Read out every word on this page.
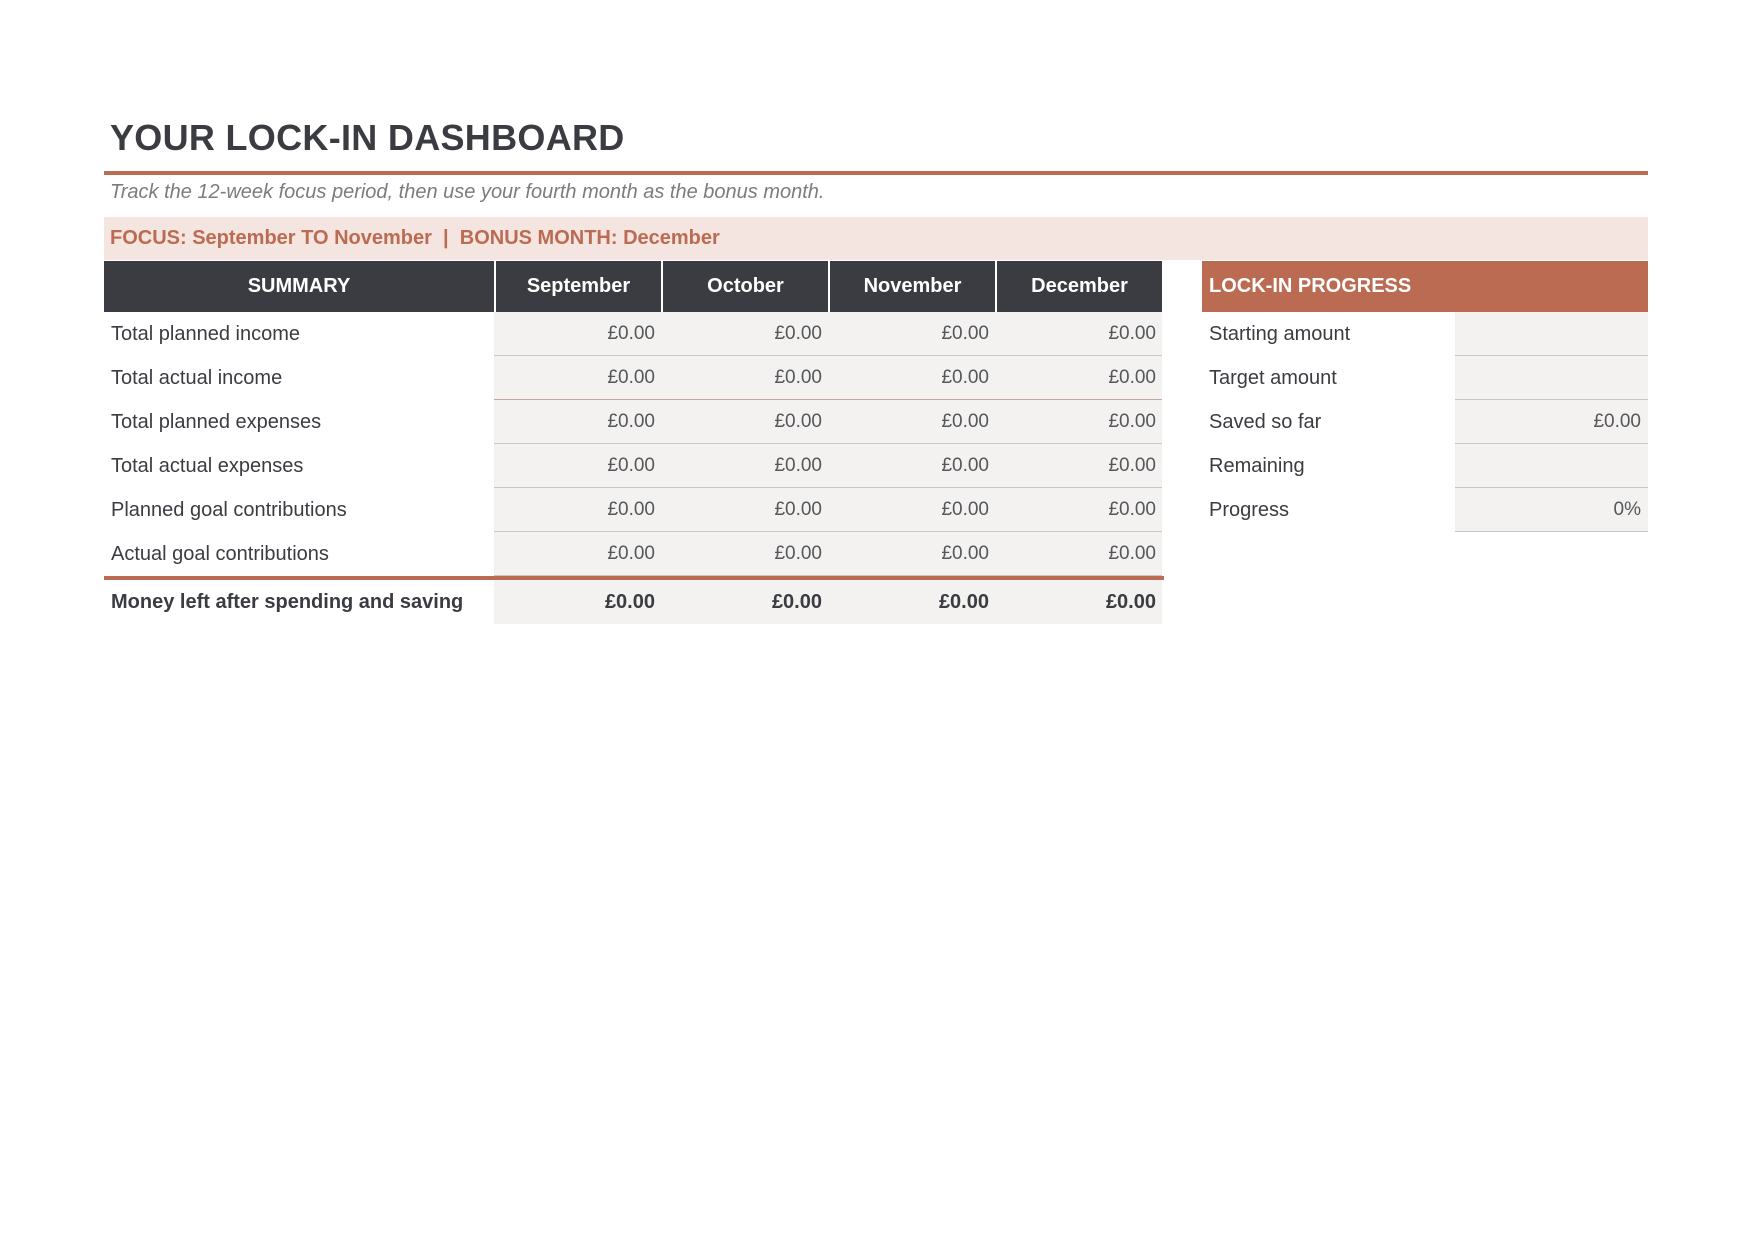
YOUR LOCK-IN DASHBOARD
Track the 12-week focus period, then use your fourth month as the bonus month.
FOCUS: September TO November  |  BONUS MONTH: December
SUMMARY	September	October	November	December
Total planned income	£0.00	£0.00	£0.00	£0.00
Total actual income	£0.00	£0.00	£0.00	£0.00
Total planned expenses	£0.00	£0.00	£0.00	£0.00
Total actual expenses	£0.00	£0.00	£0.00	£0.00
Planned goal contributions	£0.00	£0.00	£0.00	£0.00
Actual goal contributions	£0.00	£0.00	£0.00	£0.00
Money left after spending and saving	£0.00	£0.00	£0.00	£0.00
LOCK-IN PROGRESS
Starting amount
Target amount
Saved so far	£0.00
Remaining
Progress	0%
